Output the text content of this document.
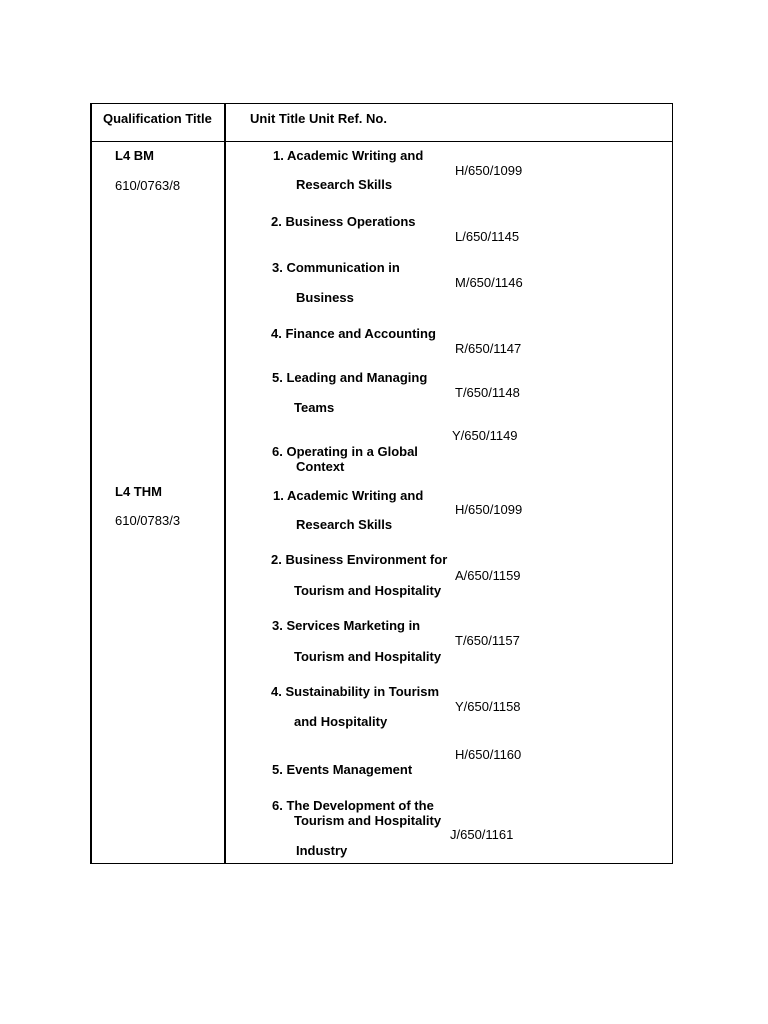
Qualification Title	Unit Title Unit Ref. No.
L4 BM
610/0763/8
1. Academic Writing and
Research Skills
H/650/1099
2. Business Operations
L/650/1145
3. Communication in
Business
M/650/1146
4. Finance and Accounting
R/650/1147
5. Leading and Managing
Teams
T/650/1148
Y/650/1149
6. Operating in a Global
Context
L4 THM
610/0783/3
1. Academic Writing and
Research Skills
H/650/1099
2. Business Environment for
Tourism and Hospitality
A/650/1159
3. Services Marketing in
Tourism and Hospitality
T/650/1157
4. Sustainability in Tourism
and Hospitality
Y/650/1158
H/650/1160
5. Events Management
6. The Development of the
Tourism and Hospitality
J/650/1161
Industry
